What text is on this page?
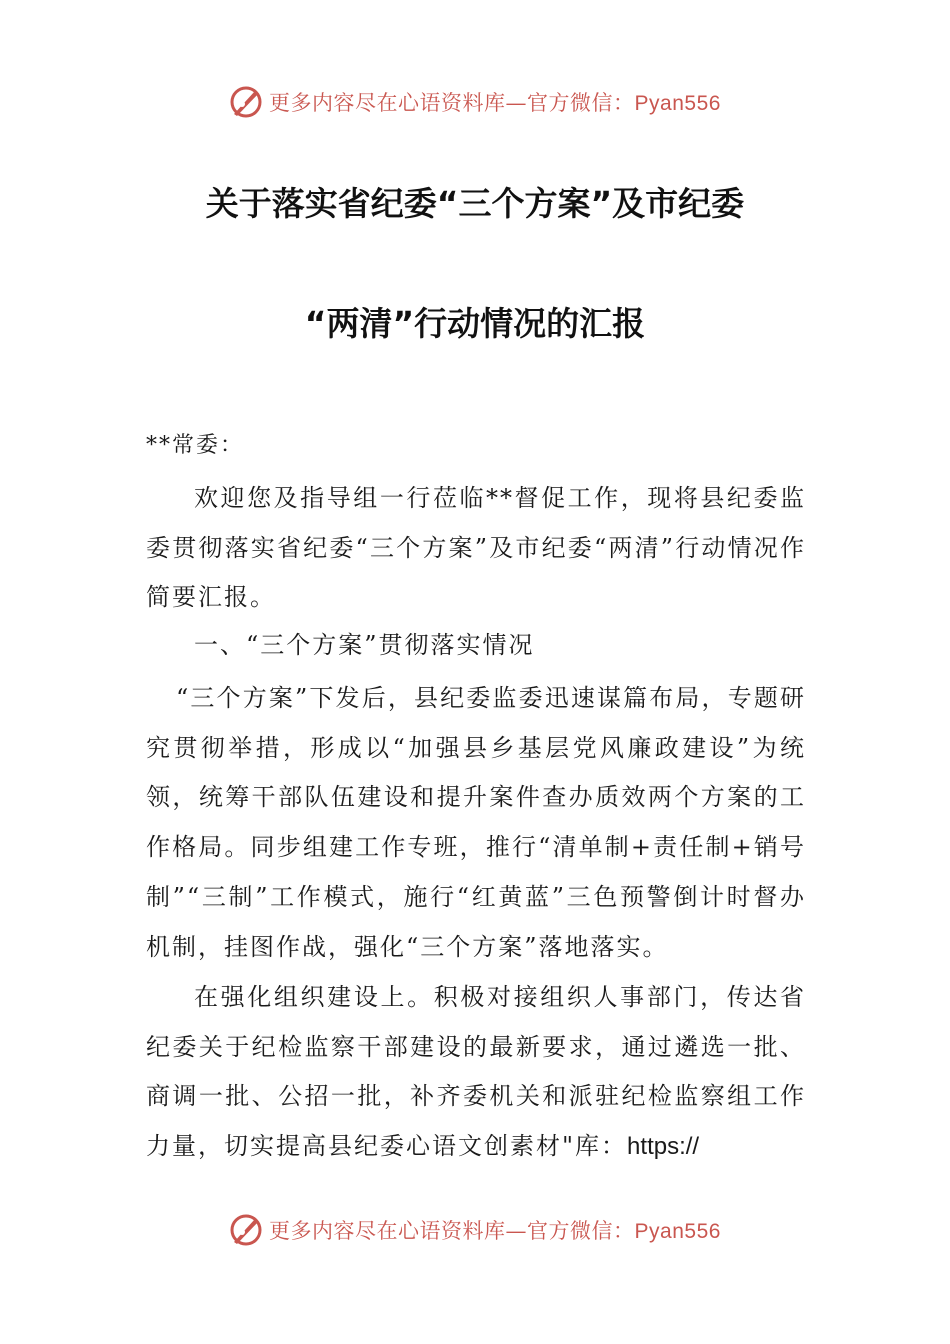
更多内容尽在心语资料库—官方微信：Pyan556
关于落实省纪委“三个方案”及市纪委
“两清”行动情况的汇报

**常委：

欢迎您及指导组一行莅临**督促工作，现将县纪委监委贯彻落实省纪委“三个方案”及市纪委“两清”行动情况作简要汇报。

一、“三个方案”贯彻落实情况

“三个方案”下发后，县纪委监委迅速谋篇布局，专题研究贯彻举措，形成以“加强县乡基层党风廉政建设”为统领，统筹干部队伍建设和提升案件查办质效两个方案的工作格局。同步组建工作专班，推行“清单制+责任制+销号制”“三制”工作模式，施行“红黄蓝”三色预警倒计时督办机制，挂图作战，强化“三个方案”落地落实。

在强化组织建设上。积极对接组织人事部门，传达省纪委关于纪检监察干部建设的最新要求，通过遴选一批、商调一批、公招一批，补齐委机关和派驻纪检监察组工作力量，切实提高县纪委心语文创素材"库：https://

更多内容尽在心语资料库—官方微信：Pyan556
